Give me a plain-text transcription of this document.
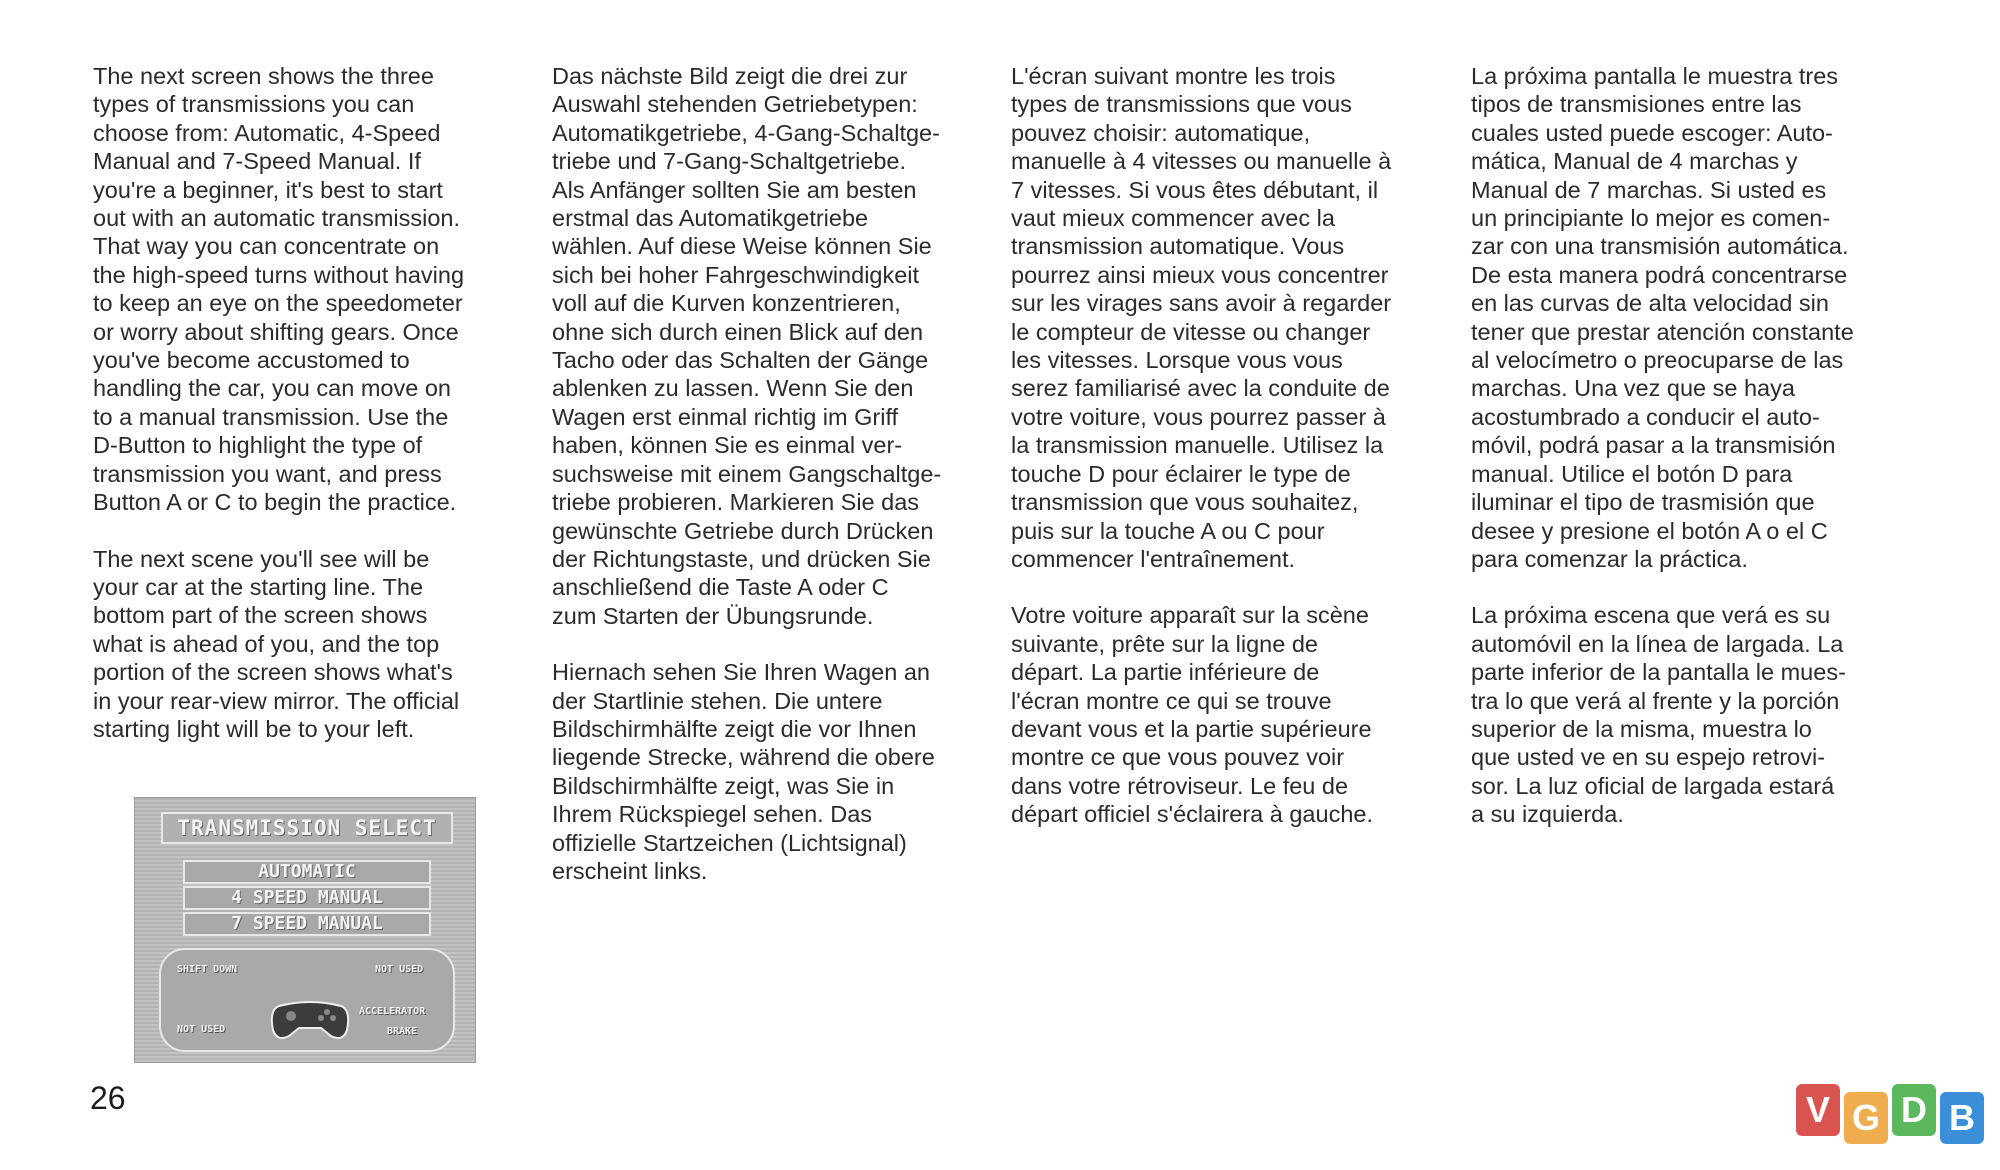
The next screen shows the three
types of transmissions you can
choose from: Automatic, 4-Speed
Manual and 7-Speed Manual. If
you're a beginner, it's best to start
out with an automatic transmission.
That way you can concentrate on
the high-speed turns without having
to keep an eye on the speedometer
or worry about shifting gears. Once
you've become accustomed to
handling the car, you can move on
to a manual transmission. Use the
D-Button to highlight the type of
transmission you want, and press
Button A or C to begin the practice.

The next scene you'll see will be
your car at the starting line. The
bottom part of the screen shows
what is ahead of you, and the top
portion of the screen shows what's
in your rear-view mirror. The official
starting light will be to your left.

Das nächste Bild zeigt die drei zur
Auswahl stehenden Getriebetypen:
Automatikgetriebe, 4-Gang-Schaltge-
triebe und 7-Gang-Schaltgetriebe.
Als Anfänger sollten Sie am besten
erstmal das Automatikgetriebe
wählen. Auf diese Weise können Sie
sich bei hoher Fahrgeschwindigkeit
voll auf die Kurven konzentrieren,
ohne sich durch einen Blick auf den
Tacho oder das Schalten der Gänge
ablenken zu lassen. Wenn Sie den
Wagen erst einmal richtig im Griff
haben, können Sie es einmal ver-
suchsweise mit einem Gangschaltge-
triebe probieren. Markieren Sie das
gewünschte Getriebe durch Drücken
der Richtungstaste, und drücken Sie
anschließend die Taste A oder C
zum Starten der Übungsrunde.

Hiernach sehen Sie Ihren Wagen an
der Startlinie stehen. Die untere
Bildschirmhälfte zeigt die vor Ihnen
liegende Strecke, während die obere
Bildschirmhälfte zeigt, was Sie in
Ihrem Rückspiegel sehen. Das
offizielle Startzeichen (Lichtsignal)
erscheint links.

L'écran suivant montre les trois
types de transmissions que vous
pouvez choisir: automatique,
manuelle à 4 vitesses ou manuelle à
7 vitesses. Si vous êtes débutant, il
vaut mieux commencer avec la
transmission automatique. Vous
pourrez ainsi mieux vous concentrer
sur les virages sans avoir à regarder
le compteur de vitesse ou changer
les vitesses. Lorsque vous vous
serez familiarisé avec la conduite de
votre voiture, vous pourrez passer à
la transmission manuelle. Utilisez la
touche D pour éclairer le type de
transmission que vous souhaitez,
puis sur la touche A ou C pour
commencer l'entraînement.

Votre voiture apparaît sur la scène
suivante, prête sur la ligne de
départ. La partie inférieure de
l'écran montre ce qui se trouve
devant vous et la partie supérieure
montre ce que vous pouvez voir
dans votre rétroviseur. Le feu de
départ officiel s'éclairera à gauche.

La próxima pantalla le muestra tres
tipos de transmisiones entre las
cuales usted puede escoger: Auto-
mática, Manual de 4 marchas y
Manual de 7 marchas. Si usted es
un principiante lo mejor es comen-
zar con una transmisión automática.
De esta manera podrá concentrarse
en las curvas de alta velocidad sin
tener que prestar atención constante
al velocímetro o preocuparse de las
marchas. Una vez que se haya
acostumbrado a conducir el auto-
móvil, podrá pasar a la transmisión
manual. Utilice el botón D para
iluminar el tipo de trasmisión que
desee y presione el botón A o el C
para comenzar la práctica.

La próxima escena que verá es su
automóvil en la línea de largada. La
parte inferior de la pantalla le mues-
tra lo que verá al frente y la porción
superior de la misma, muestra lo
que usted ve en su espejo retrovi-
sor. La luz oficial de largada estará
a su izquierda.

TRANSMISSION SELECT
AUTOMATIC
4 SPEED MANUAL
7 SPEED MANUAL
SHIFT DOWN	NOT USED
ACCELERATOR
NOT USED	BRAKE
26	V G D B
